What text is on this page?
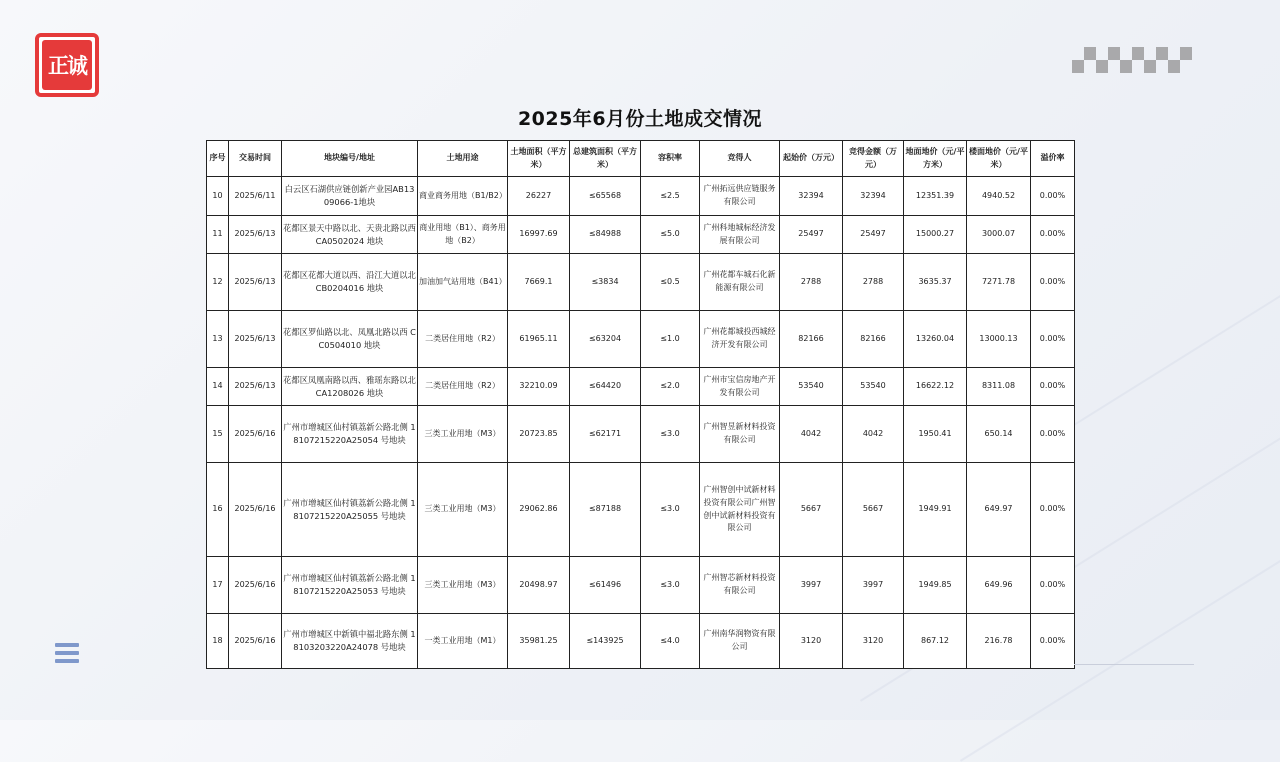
正诚
2025年6月份土地成交情况
序号	交易时间	地块编号/地址	土地用途	土地面积（平方米）	总建筑面积（平方米）	容积率	竞得人	起始价（万元）	竞得金额（万元）	地面地价（元/平方米）	楼面地价（元/平米）	溢价率
10	2025/6/11	白云区石湖供应链创新产业园AB1309066-1地块	商业商务用地（B1/B2）	26227	≤65568	≤2.5	广州拓远供应链服务有限公司	32394	32394	12351.39	4940.52	0.00%
11	2025/6/13	花都区景天中路以北、天贵北路以西 CA0502024 地块	商业用地（B1）、商务用地（B2）	16997.69	≤84988	≤5.0	广州科地城标经济发展有限公司	25497	25497	15000.27	3000.07	0.00%
12	2025/6/13	花都区花都大道以西、沿江大道以北 CB0204016 地块	加油加气站用地（B41）	7669.1	≤3834	≤0.5	广州花都车城石化新能源有限公司	2788	2788	3635.37	7271.78	0.00%
13	2025/6/13	花都区罗仙路以北、凤凰北路以西 CC0504010 地块	二类居住用地（R2）	61965.11	≤63204	≤1.0	广州花都城投西城经济开发有限公司	82166	82166	13260.04	13000.13	0.00%
14	2025/6/13	花都区凤凰南路以西、雅瑶东路以北 CA1208026 地块	二类居住用地（R2）	32210.09	≤64420	≤2.0	广州市宝信房地产开发有限公司	53540	53540	16622.12	8311.08	0.00%
15	2025/6/16	广州市增城区仙村镇荔新公路北侧 18107215220A25054 号地块	三类工业用地（M3）	20723.85	≤62171	≤3.0	广州智昱新材料投资有限公司	4042	4042	1950.41	650.14	0.00%
16	2025/6/16	广州市增城区仙村镇荔新公路北侧 18107215220A25055 号地块	三类工业用地（M3）	29062.86	≤87188	≤3.0	广州智创中试新材料投资有限公司广州智创中试新材料投资有限公司	5667	5667	1949.91	649.97	0.00%
17	2025/6/16	广州市增城区仙村镇荔新公路北侧 18107215220A25053 号地块	三类工业用地（M3）	20498.97	≤61496	≤3.0	广州智芯新材料投资有限公司	3997	3997	1949.85	649.96	0.00%
18	2025/6/16	广州市增城区中新镇中福北路东侧 18103203220A24078 号地块	一类工业用地（M1）	35981.25	≤143925	≤4.0	广州南华润物资有限公司	3120	3120	867.12	216.78	0.00%
